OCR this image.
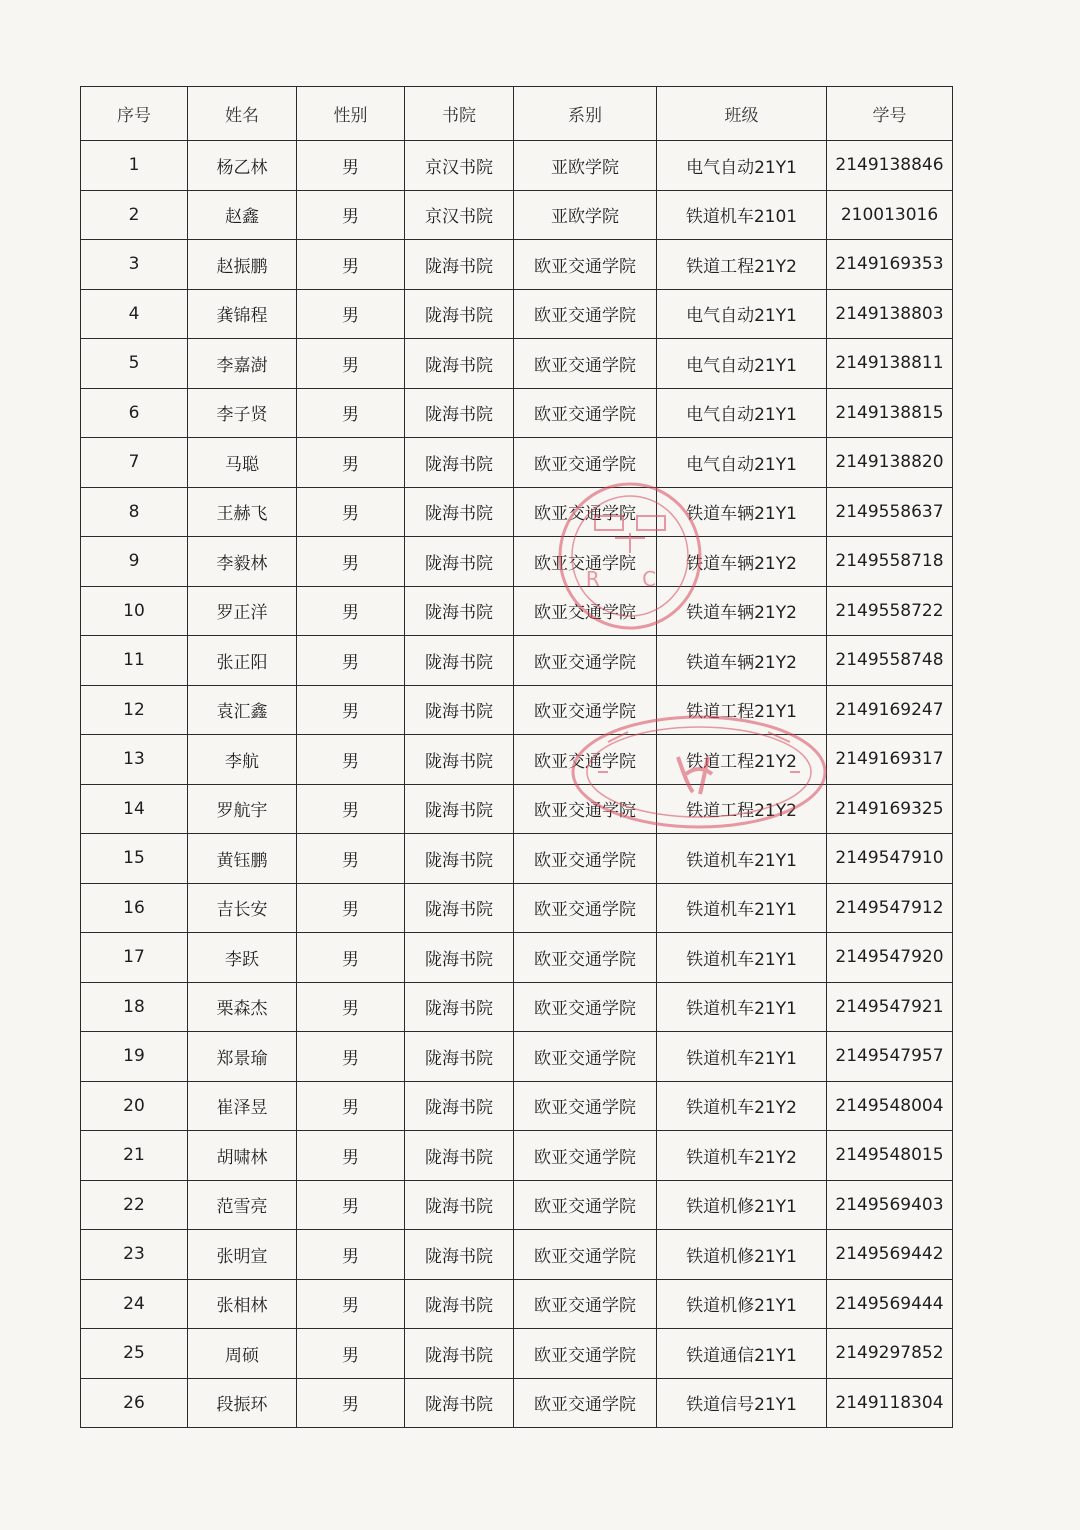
序号	姓名	性别	书院	系别	班级	学号
1	杨乙林	男	京汉书院	亚欧学院	电气自动21Y1	2149138846
2	赵鑫	男	京汉书院	亚欧学院	铁道机车2101	210013016
3	赵振鹏	男	陇海书院	欧亚交通学院	铁道工程21Y2	2149169353
4	龚锦程	男	陇海书院	欧亚交通学院	电气自动21Y1	2149138803
5	李嘉澍	男	陇海书院	欧亚交通学院	电气自动21Y1	2149138811
6	李子贤	男	陇海书院	欧亚交通学院	电气自动21Y1	2149138815
7	马聪	男	陇海书院	欧亚交通学院	电气自动21Y1	2149138820
8	王赫飞	男	陇海书院	欧亚交通学院	铁道车辆21Y1	2149558637
9	李毅林	男	陇海书院	欧亚交通学院	铁道车辆21Y2	2149558718
10	罗正洋	男	陇海书院	欧亚交通学院	铁道车辆21Y2	2149558722
11	张正阳	男	陇海书院	欧亚交通学院	铁道车辆21Y2	2149558748
12	袁汇鑫	男	陇海书院	欧亚交通学院	铁道工程21Y1	2149169247
13	李航	男	陇海书院	欧亚交通学院	铁道工程21Y2	2149169317
14	罗航宇	男	陇海书院	欧亚交通学院	铁道工程21Y2	2149169325
15	黄钰鹏	男	陇海书院	欧亚交通学院	铁道机车21Y1	2149547910
16	吉长安	男	陇海书院	欧亚交通学院	铁道机车21Y1	2149547912
17	李跃	男	陇海书院	欧亚交通学院	铁道机车21Y1	2149547920
18	栗森杰	男	陇海书院	欧亚交通学院	铁道机车21Y1	2149547921
19	郑景瑜	男	陇海书院	欧亚交通学院	铁道机车21Y1	2149547957
20	崔泽昱	男	陇海书院	欧亚交通学院	铁道机车21Y2	2149548004
21	胡啸林	男	陇海书院	欧亚交通学院	铁道机车21Y2	2149548015
22	范雪亮	男	陇海书院	欧亚交通学院	铁道机修21Y1	2149569403
23	张明宣	男	陇海书院	欧亚交通学院	铁道机修21Y1	2149569442
24	张相林	男	陇海书院	欧亚交通学院	铁道机修21Y1	2149569444
25	周硕	男	陇海书院	欧亚交通学院	铁道通信21Y1	2149297852
26	段振环	男	陇海书院	欧亚交通学院	铁道信号21Y1	2149118304
R C
